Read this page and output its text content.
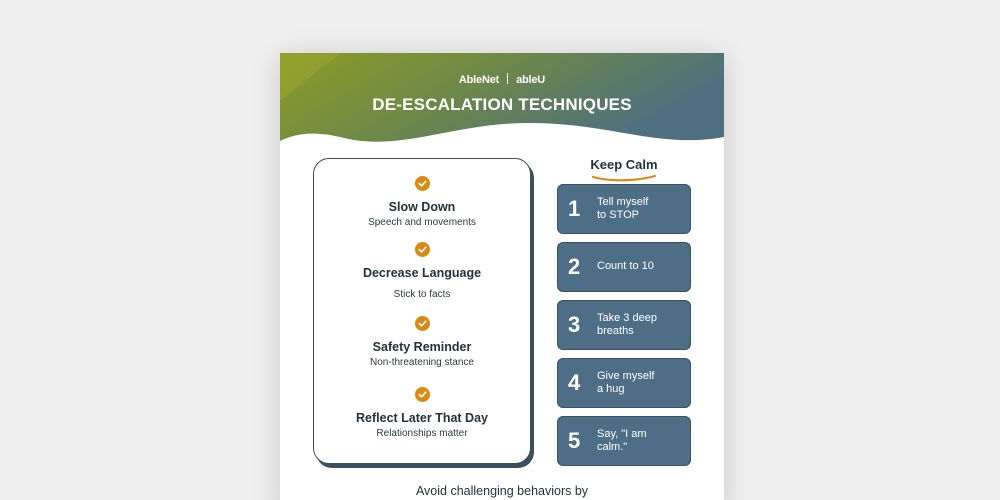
AbleNet ableU
DE-ESCALATION TECHNIQUES
Slow Down
Speech and movements
Decrease Language
Stick to facts
Safety Reminder
Non-threatening stance
Reflect Later That Day
Relationships matter
Keep Calm
1 Tell myself
to STOP
2 Count to 10
3 Take 3 deep
breaths
4 Give myself
a hug
5 Say, "I am
calm."
Avoid challenging behaviors by
